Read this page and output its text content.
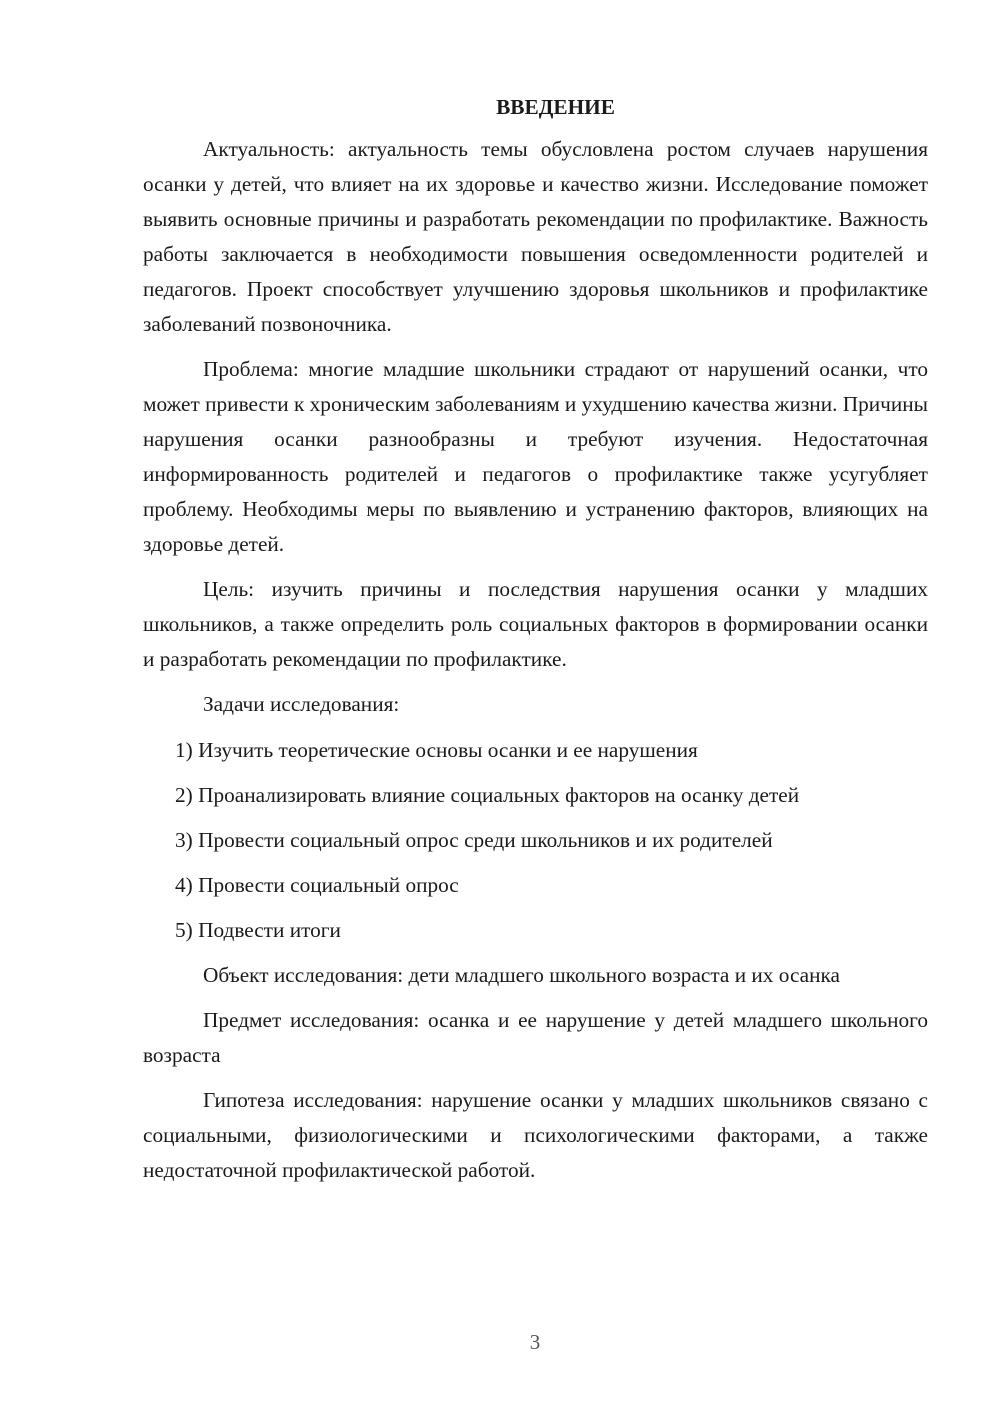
ВВЕДЕНИЕ

Актуальность: актуальность темы обусловлена ростом случаев нарушения осанки у детей, что влияет на их здоровье и качество жизни. Исследование поможет выявить основные причины и разработать рекомендации по профилактике. Важность работы заключается в необходимости повышения осведомленности родителей и педагогов. Проект способствует улучшению здоровья школьников и профилактике заболеваний позвоночника.

Проблема: многие младшие школьники страдают от нарушений осанки, что может привести к хроническим заболеваниям и ухудшению качества жизни. Причины нарушения осанки разнообразны и требуют изучения. Недостаточная информированность родителей и педагогов о профилактике также усугубляет проблему. Необходимы меры по выявлению и устранению факторов, влияющих на здоровье детей.

Цель: изучить причины и последствия нарушения осанки у младших школьников, а также определить роль социальных факторов в формировании осанки и разработать рекомендации по профилактике.

Задачи исследования:

1) Изучить теоретические основы осанки и ее нарушения

2) Проанализировать влияние социальных факторов на осанку детей

3) Провести социальный опрос среди школьников и их родителей

4) Провести социальный опрос

5) Подвести итоги

Объект исследования: дети младшего школьного возраста и их осанка

Предмет исследования: осанка и ее нарушение у детей младшего школьного возраста

Гипотеза исследования: нарушение осанки у младших школьников связано с социальными, физиологическими и психологическими факторами, а также недостаточной профилактической работой.

3
